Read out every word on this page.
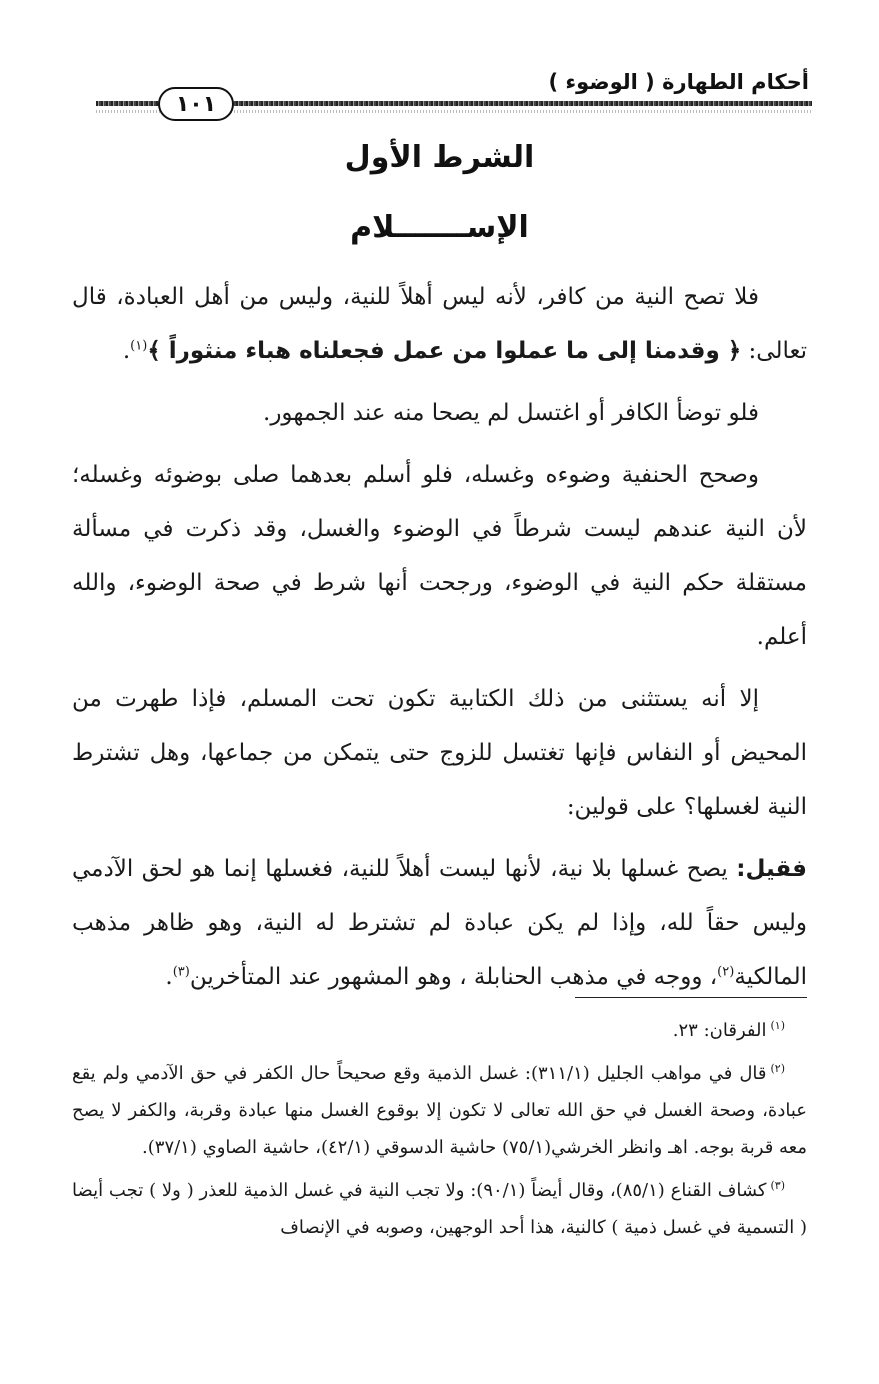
أحكام الطهارة ( الوضوء )
١٠١
الشرط الأول
الإســـــــلام

فلا تصح النية من كافر، لأنه ليس أهلاً للنية، وليس من أهل العبادة، قال تعالى: ﴿ وقدمنا إلى ما عملوا من عمل فجعلناه هباء منثوراً ﴾$^{(١)}$.

فلو توضأ الكافر أو اغتسل لم يصحا منه عند الجمهور.

وصحح الحنفية وضوءه وغسله، فلو أسلم بعدهما صلى بوضوئه وغسله؛ لأن النية عندهم ليست شرطاً في الوضوء والغسل، وقد ذكرت في مسألة مستقلة حكم النية في الوضوء، ورجحت أنها شرط في صحة الوضوء، والله أعلم.

إلا أنه يستثنى من ذلك الكتابية تكون تحت المسلم، فإذا طهرت من المحيض أو النفاس فإنها تغتسل للزوج حتى يتمكن من جماعها، وهل تشترط النية لغسلها؟ على قولين:

فقيل: يصح غسلها بلا نية، لأنها ليست أهلاً للنية، فغسلها إنما هو لحق الآدمي وليس حقاً لله، وإذا لم يكن عبادة لم تشترط له النية، وهو ظاهر مذهب المالكية$^{(٢)}$، ووجه في مذهب الحنابلة ، وهو المشهور عند المتأخرين$^{(٣)}$.

$^{(١)}$الفرقان: ٢٣.

$^{(٢)}$قال في مواهب الجليل (٣١١/١): غسل الذمية وقع صحيحاً حال الكفر في حق الآدمي ولم يقع عبادة، وصحة الغسل في حق الله تعالى لا تكون إلا بوقوع الغسل منها عبادة وقربة، والكفر لا يصح معه قربة بوجه. اهـ وانظر الخرشي(٧٥/١) حاشية الدسوقي (٤٢/١)، حاشية الصاوي (٣٧/١).

$^{(٣)}$كشاف القناع (٨٥/١)، وقال أيضاً (٩٠/١): ولا تجب النية في غسل الذمية للعذر ( ولا ) تجب أيضا ( التسمية في غسل ذمية ) كالنية، هذا أحد الوجهين، وصوبه في الإنصاف
